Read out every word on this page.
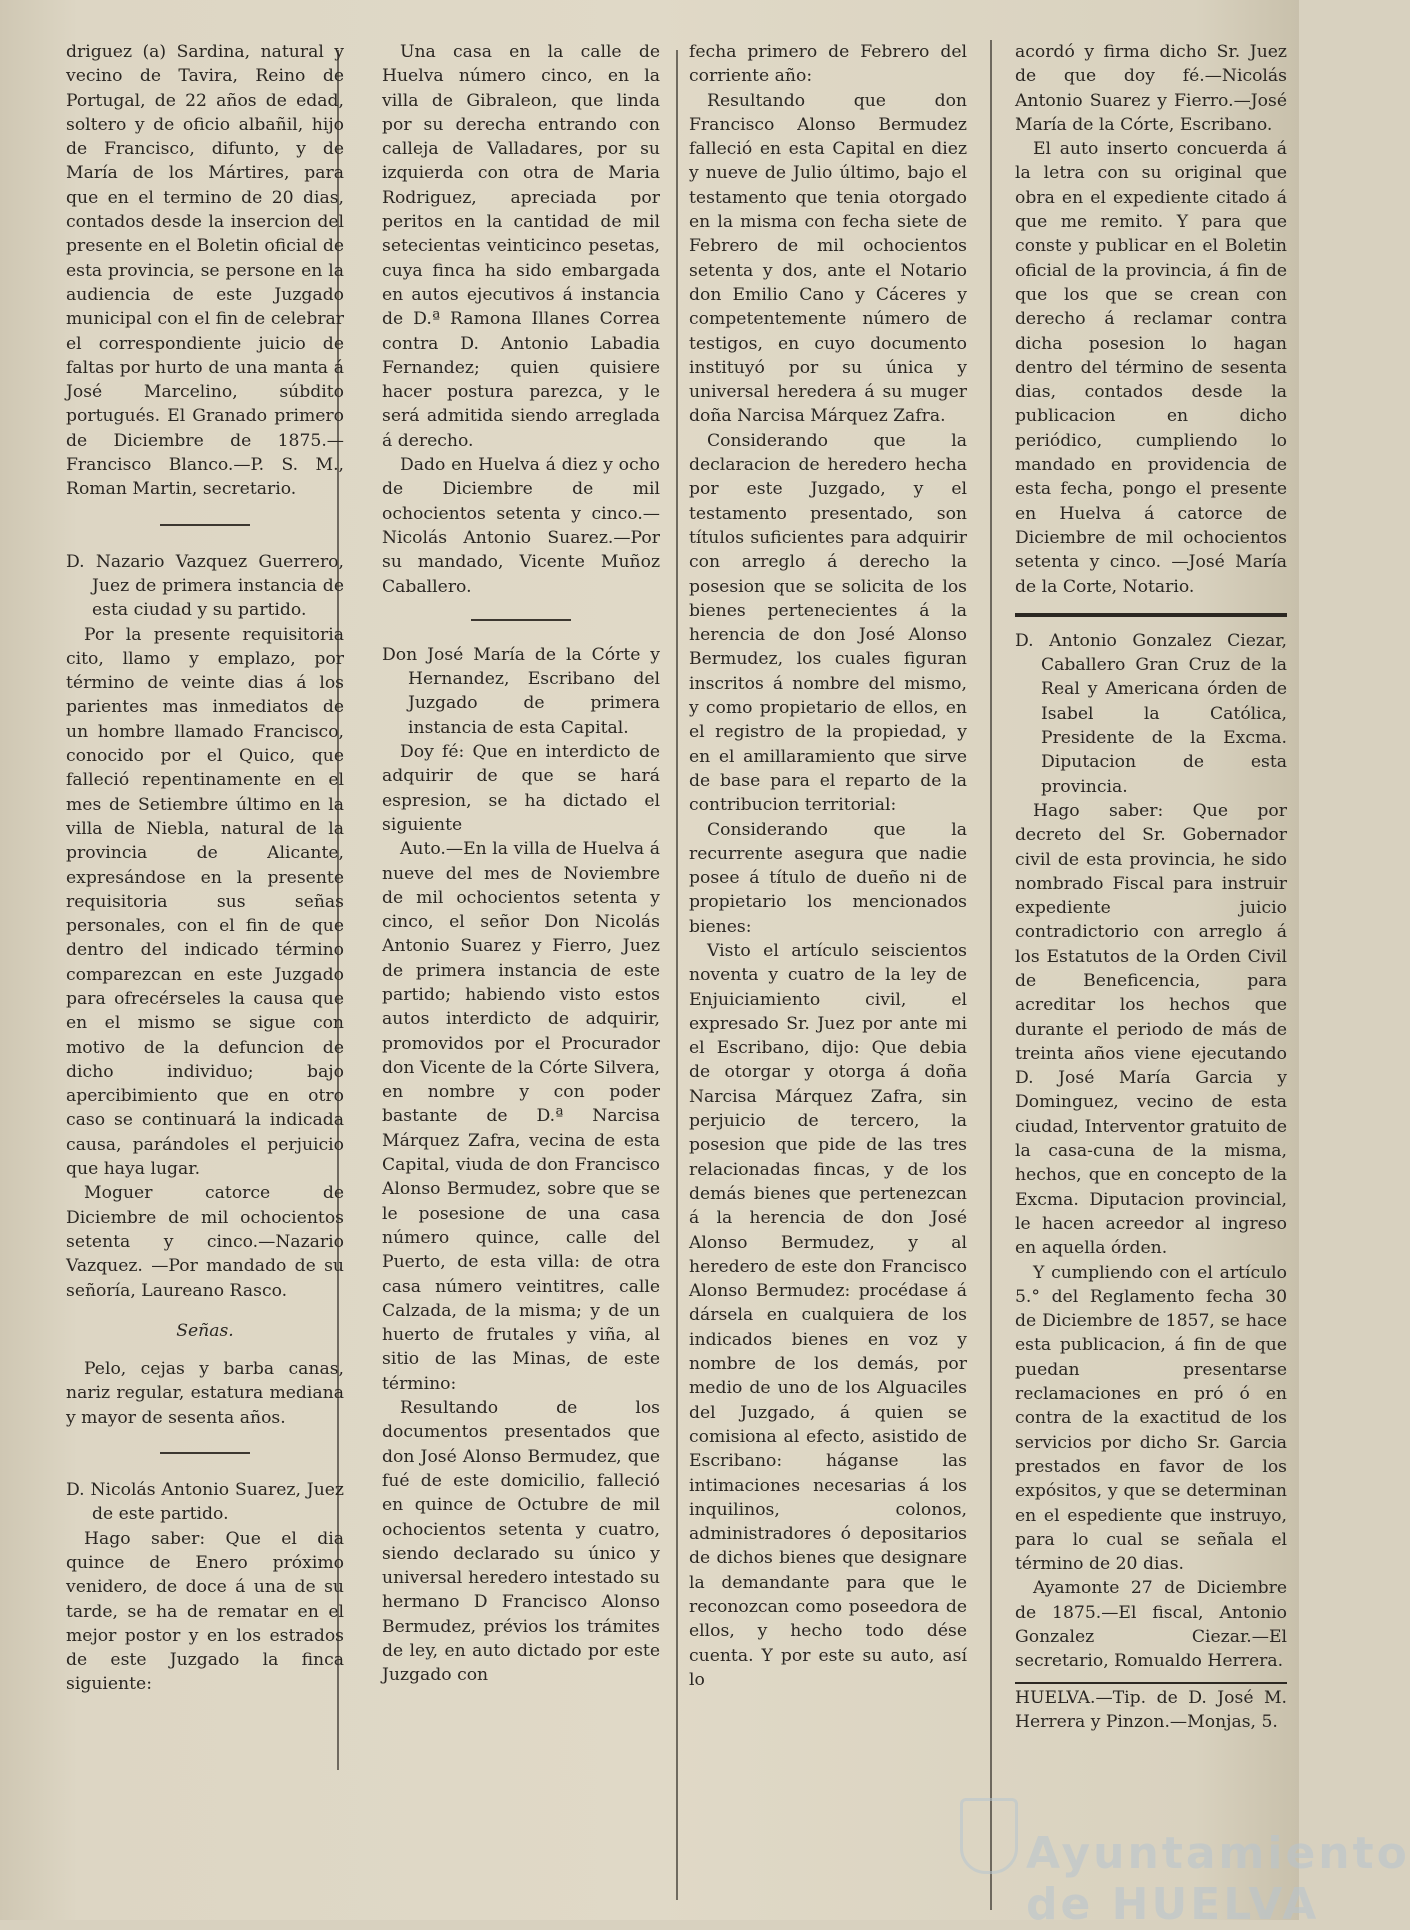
driguez (a) Sardina, natural y vecino de Tavira, Reino de Portugal, de 22 años de edad, soltero y de oficio albañil, hijo de Francisco, difunto, y de María de los Mártires, para que en el termino de 20 dias, contados desde la insercion del presente en el Boletin oficial de esta provincia, se persone en la audiencia de este Juzgado municipal con el fin de celebrar el correspondiente juicio de faltas por hurto de una manta á José Marcelino, súbdito portugués. El Granado primero de Diciembre de 1875.—Francisco Blanco.—P. S. M., Roman Martin, secretario.

D. Nazario Vazquez Guerrero, Juez de primera instancia de esta ciudad y su partido.

Por la presente requisitoria cito, llamo y emplazo, por término de veinte dias á los parientes mas inmediatos de un hombre llamado Francisco, conocido por el Quico, que falleció repentinamente en el mes de Setiembre último en la villa de Niebla, natural de la provincia de Alicante, expresándose en la presente requisitoria sus señas personales, con el fin de que dentro del indicado término comparezcan en este Juzgado para ofrecérseles la causa que en el mismo se sigue con motivo de la defuncion de dicho individuo; bajo apercibimiento que en otro caso se continuará la indicada causa, parándoles el perjuicio que haya lugar.

Moguer catorce de Diciembre de mil ochocientos setenta y cinco.—Nazario Vazquez. —Por mandado de su señoría, Laureano Rasco.

Señas.

Pelo, cejas y barba canas, nariz regular, estatura mediana y mayor de sesenta años.

D. Nicolás Antonio Suarez, Juez de este partido.

Hago saber: Que el dia quince de Enero próximo venidero, de doce á una de su tarde, se ha de rematar en el mejor postor y en los estrados de este Juzgado la finca siguiente:

Una casa en la calle de Huelva número cinco, en la villa de Gibraleon, que linda por su derecha entrando con calleja de Valladares, por su izquierda con otra de Maria Rodriguez, apreciada por peritos en la cantidad de mil setecientas veinticinco pesetas, cuya finca ha sido embargada en autos ejecutivos á instancia de D.ª Ramona Illanes Correa contra D. Antonio Labadia Fernandez; quien quisiere hacer postura parezca, y le será admitida siendo arreglada á derecho.

Dado en Huelva á diez y ocho de Diciembre de mil ochocientos setenta y cinco.—Nicolás Antonio Suarez.—Por su mandado, Vicente Muñoz Caballero.

Don José María de la Córte y Hernandez, Escribano del Juzgado de primera instancia de esta Capital.

Doy fé: Que en interdicto de adquirir de que se hará espresion, se ha dictado el siguiente

Auto.—En la villa de Huelva á nueve del mes de Noviembre de mil ochocientos setenta y cinco, el señor Don Nicolás Antonio Suarez y Fierro, Juez de primera instancia de este partido; habiendo visto estos autos interdicto de adquirir, promovidos por el Procurador don Vicente de la Córte Silvera, en nombre y con poder bastante de D.ª Narcisa Márquez Zafra, vecina de esta Capital, viuda de don Francisco Alonso Bermudez, sobre que se le posesione de una casa número quince, calle del Puerto, de esta villa: de otra casa número veintitres, calle Calzada, de la misma; y de un huerto de frutales y viña, al sitio de las Minas, de este término:

Resultando de los documentos presentados que don José Alonso Bermudez, que fué de este domicilio, falleció en quince de Octubre de mil ochocientos setenta y cuatro, siendo declarado su único y universal heredero intestado su hermano D Francisco Alonso Bermudez, prévios los trámites de ley, en auto dictado por este Juzgado con

fecha primero de Febrero del corriente año:

Resultando que don Francisco Alonso Bermudez falleció en esta Capital en diez y nueve de Julio último, bajo el testamento que tenia otorgado en la misma con fecha siete de Febrero de mil ochocientos setenta y dos, ante el Notario don Emilio Cano y Cáceres y competentemente número de testigos, en cuyo documento instituyó por su única y universal heredera á su muger doña Narcisa Márquez Zafra.

Considerando que la declaracion de heredero hecha por este Juzgado, y el testamento presentado, son títulos suficientes para adquirir con arreglo á derecho la posesion que se solicita de los bienes pertenecientes á la herencia de don José Alonso Bermudez, los cuales figuran inscritos á nombre del mismo, y como propietario de ellos, en el registro de la propiedad, y en el amillaramiento que sirve de base para el reparto de la contribucion territorial:

Considerando que la recurrente asegura que nadie posee á título de dueño ni de propietario los mencionados bienes:

Visto el artículo seiscientos noventa y cuatro de la ley de Enjuiciamiento civil, el expresado Sr. Juez por ante mi el Escribano, dijo: Que debia de otorgar y otorga á doña Narcisa Márquez Zafra, sin perjuicio de tercero, la posesion que pide de las tres relacionadas fincas, y de los demás bienes que pertenezcan á la herencia de don José Alonso Bermudez, y al heredero de este don Francisco Alonso Bermudez: procédase á dársela en cualquiera de los indicados bienes en voz y nombre de los demás, por medio de uno de los Alguaciles del Juzgado, á quien se comisiona al efecto, asistido de Escribano: háganse las intimaciones necesarias á los inquilinos, colonos, administradores ó depositarios de dichos bienes que designare la demandante para que le reconozcan como poseedora de ellos, y hecho todo dése cuenta. Y por este su auto, así lo

acordó y firma dicho Sr. Juez de que doy fé.—Nicolás Antonio Suarez y Fierro.—José María de la Córte, Escribano.

El auto inserto concuerda á la letra con su original que obra en el expediente citado á que me remito. Y para que conste y publicar en el Boletin oficial de la provincia, á fin de que los que se crean con derecho á reclamar contra dicha posesion lo hagan dentro del término de sesenta dias, contados desde la publicacion en dicho periódico, cumpliendo lo mandado en providencia de esta fecha, pongo el presente en Huelva á catorce de Diciembre de mil ochocientos setenta y cinco. —José María de la Corte, Notario.

D. Antonio Gonzalez Ciezar, Caballero Gran Cruz de la Real y Americana órden de Isabel la Católica, Presidente de la Excma. Diputacion de esta provincia.

Hago saber: Que por decreto del Sr. Gobernador civil de esta provincia, he sido nombrado Fiscal para instruir expediente juicio contradictorio con arreglo á los Estatutos de la Orden Civil de Beneficencia, para acreditar los hechos que durante el periodo de más de treinta años viene ejecutando D. José María Garcia y Dominguez, vecino de esta ciudad, Interventor gratuito de la casa-cuna de la misma, hechos, que en concepto de la Excma. Diputacion provincial, le hacen acreedor al ingreso en aquella órden.

Y cumpliendo con el artículo 5.° del Reglamento fecha 30 de Diciembre de 1857, se hace esta publicacion, á fin de que puedan presentarse reclamaciones en pró ó en contra de la exactitud de los servicios por dicho Sr. Garcia prestados en favor de los expósitos, y que se determinan en el espediente que instruyo, para lo cual se señala el término de 20 dias.

Ayamonte 27 de Diciembre de 1875.—El fiscal, Antonio Gonzalez Ciezar.—El secretario, Romualdo Herrera.

HUELVA.—Tip. de D. José M. Herrera y Pinzon.—Monjas, 5.

Ayuntamiento de HUELVA
